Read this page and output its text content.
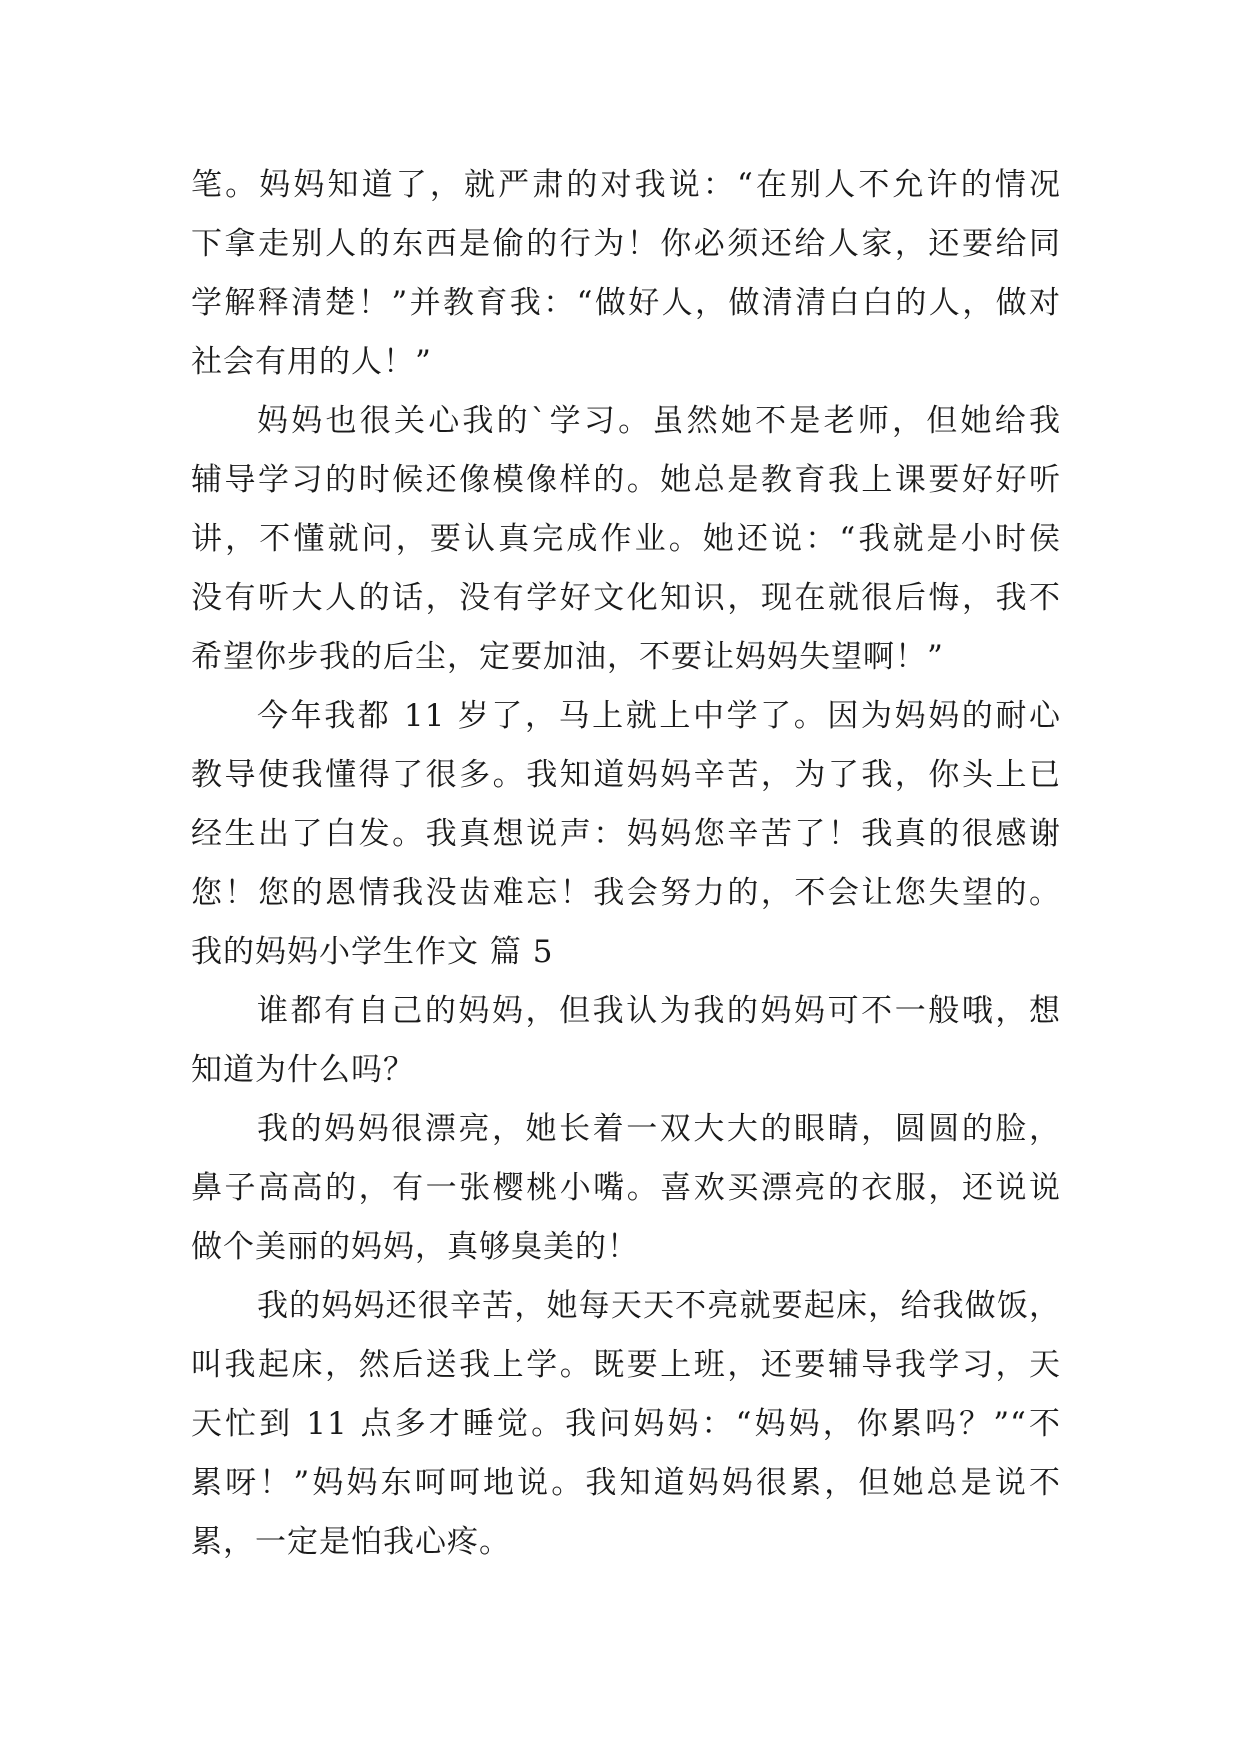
笔。妈妈知道了，就严肃的对我说：“在别人不允许的情况
下拿走别人的东西是偷的行为！你必须还给人家，还要给同
学解释清楚！”并教育我：“做好人，做清清白白的人，做对
社会有用的人！”
妈妈也很关心我的`学习。虽然她不是老师，但她给我
辅导学习的时候还像模像样的。她总是教育我上课要好好听
讲，不懂就问，要认真完成作业。她还说：“我就是小时侯
没有听大人的话，没有学好文化知识，现在就很后悔，我不
希望你步我的后尘，定要加油，不要让妈妈失望啊！”
今年我都 11 岁了，马上就上中学了。因为妈妈的耐心
教导使我懂得了很多。我知道妈妈辛苦，为了我，你头上已
经生出了白发。我真想说声：妈妈您辛苦了！我真的很感谢
您！您的恩情我没齿难忘！我会努力的，不会让您失望的。
我的妈妈小学生作文 篇 5
谁都有自己的妈妈，但我认为我的妈妈可不一般哦，想
知道为什么吗？
我的妈妈很漂亮，她长着一双大大的眼睛，圆圆的脸，
鼻子高高的，有一张樱桃小嘴。喜欢买漂亮的衣服，还说说
做个美丽的妈妈，真够臭美的！
我的妈妈还很辛苦，她每天天不亮就要起床，给我做饭，
叫我起床，然后送我上学。既要上班，还要辅导我学习，天
天忙到 11 点多才睡觉。我问妈妈：“妈妈，你累吗？”“不
累呀！”妈妈东呵呵地说。我知道妈妈很累，但她总是说不
累，一定是怕我心疼。
